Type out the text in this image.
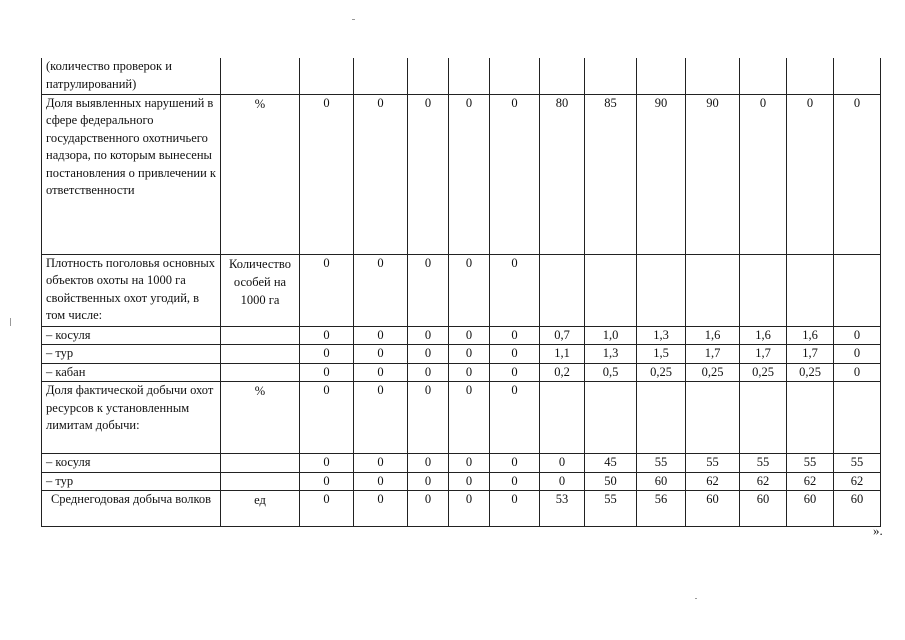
(количество проверок и патрулирований)													
Доля выявленных нарушений в сфере федерального государственного охотничьего надзора, по которым вынесены постановления о привлечении к ответственности	%	0	0	0	0	0	80	85	90	90	0	0	0
Плотность поголовья основных объектов охоты на 1000 га свойственных охот угодий, в том числе:	Количество особей на 1000 га	0	0	0	0	0							
– косуля		0	0	0	0	0	0,7	1,0	1,3	1,6	1,6	1,6	0
– тур		0	0	0	0	0	1,1	1,3	1,5	1,7	1,7	1,7	0
– кабан		0	0	0	0	0	0,2	0,5	0,25	0,25	0,25	0,25	0
Доля фактической добычи охот ресурсов к установленным лимитам добычи:	%	0	0	0	0	0							
– косуля		0	0	0	0	0	0	45	55	55	55	55	55
– тур		0	0	0	0	0	0	50	60	62	62	62	62
Среднегодовая добыча волков	ед	0	0	0	0	0	53	55	56	60	60	60	60
».
